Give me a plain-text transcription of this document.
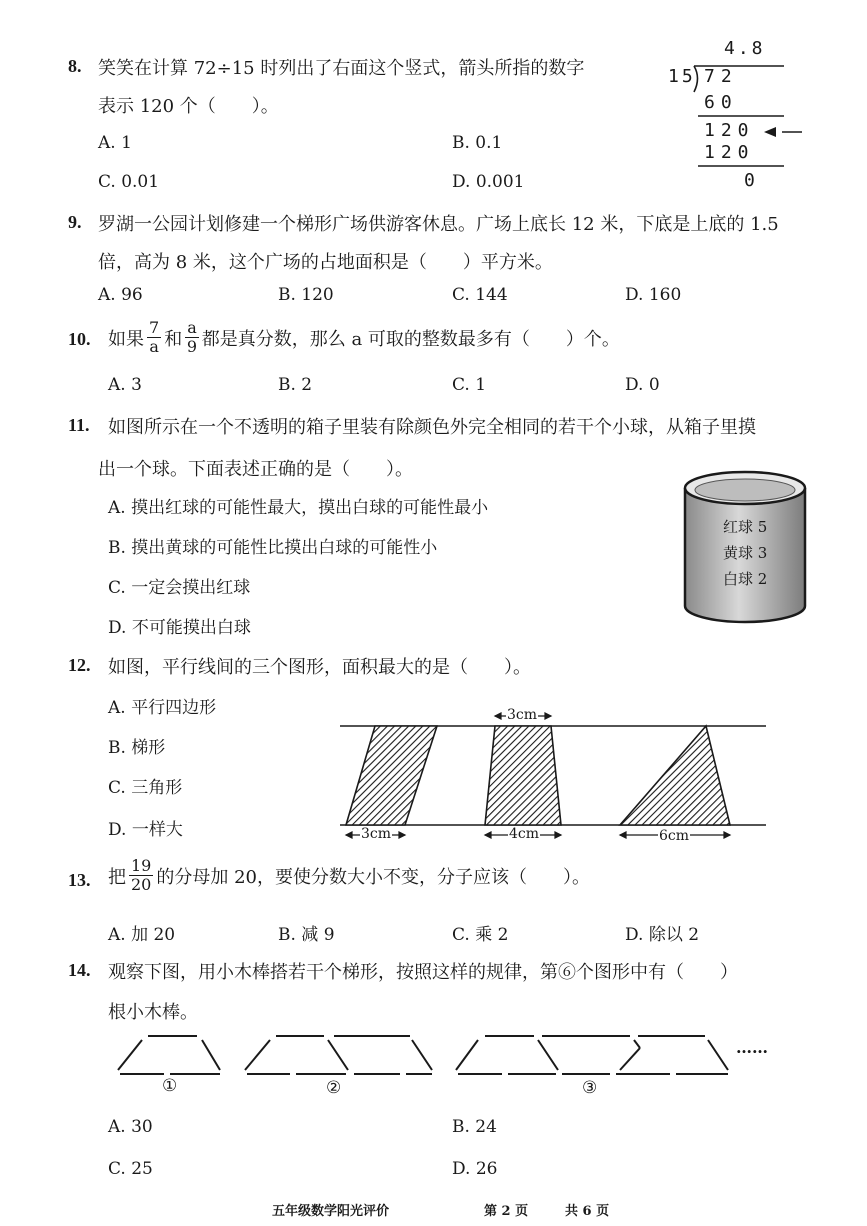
8. 笑笑在计算 72÷15 时列出了右面这个竖式，箭头所指的数字
表示 120 个（　　）。
A. 1	B. 0.1
C. 0.01	D. 0.001
4.8
15 72
60
120
120
0
9. 罗湖一公园计划修建一个梯形广场供游客休息。广场上底长 12 米，下底是上底的 1.5
倍，高为 8 米，这个广场的占地面积是（　　）平方米。
A. 96	B. 120	C. 144	D. 160
10. 如果 $\frac{7}{a}$ 和 $\frac{a}{9}$ 都是真分数，那么 a 可取的整数最多有（　　）个。
A. 3	B. 2	C. 1	D. 0
11. 如图所示在一个不透明的箱子里装有除颜色外完全相同的若干个小球，从箱子里摸
出一个球。下面表述正确的是（　　）。
A. 摸出红球的可能性最大，摸出白球的可能性最小
B. 摸出黄球的可能性比摸出白球的可能性小
C. 一定会摸出红球
D. 不可能摸出白球
红球 5
黄球 3
白球 2
12. 如图，平行线间的三个图形，面积最大的是（　　）。
A. 平行四边形
B. 梯形
C. 三角形
D. 一样大
3cm
3cm	4cm	6cm
13. 把 $\frac{19}{20}$ 的分母加 20，要使分数大小不变，分子应该（　　）。
A. 加 20	B. 减 9	C. 乘 2	D. 除以 2
14. 观察下图，用小木棒搭若干个梯形，按照这样的规律，第⑥个图形中有（　　）
根小木棒。
①	②	③
……
A. 30	B. 24
C. 25	D. 26
五年级数学阳光评价	第 2 页	共 6 页
